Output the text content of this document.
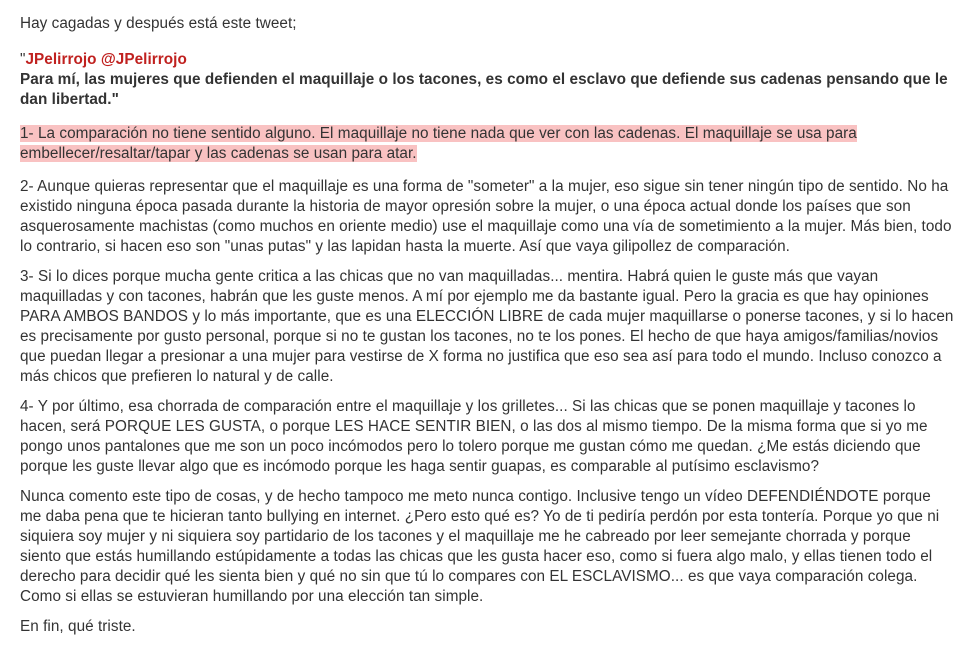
Hay cagadas y después está este tweet;

"JPelirrojo @JPelirrojo
Para mí, las mujeres que defienden el maquillaje o los tacones, es como el esclavo que defiende sus cadenas pensando que le dan libertad."

1- La comparación no tiene sentido alguno. El maquillaje no tiene nada que ver con las cadenas. El maquillaje se usa para embellecer/resaltar/tapar y las cadenas se usan para atar.

2- Aunque quieras representar que el maquillaje es una forma de "someter" a la mujer, eso sigue sin tener ningún tipo de sentido. No ha existido ninguna época pasada durante la historia de mayor opresión sobre la mujer, o una época actual donde los países que son asquerosamente machistas (como muchos en oriente medio) use el maquillaje como una vía de sometimiento a la mujer. Más bien, todo lo contrario, si hacen eso son "unas putas" y las lapidan hasta la muerte. Así que vaya gilipollez de comparación.

3- Si lo dices porque mucha gente critica a las chicas que no van maquilladas... mentira. Habrá quien le guste más que vayan maquilladas y con tacones, habrán que les guste menos. A mí por ejemplo me da bastante igual. Pero la gracia es que hay opiniones PARA AMBOS BANDOS y lo más importante, que es una ELECCIÓN LIBRE de cada mujer maquillarse o ponerse tacones, y si lo hacen es precisamente por gusto personal, porque si no te gustan los tacones, no te los pones. El hecho de que haya amigos/familias/novios que puedan llegar a presionar a una mujer para vestirse de X forma no justifica que eso sea así para todo el mundo. Incluso conozco a más chicos que prefieren lo natural y de calle.

4- Y por último, esa chorrada de comparación entre el maquillaje y los grilletes... Si las chicas que se ponen maquillaje y tacones lo hacen, será PORQUE LES GUSTA, o porque LES HACE SENTIR BIEN, o las dos al mismo tiempo. De la misma forma que si yo me pongo unos pantalones que me son un poco incómodos pero lo tolero porque me gustan cómo me quedan. ¿Me estás diciendo que porque les guste llevar algo que es incómodo porque les haga sentir guapas, es comparable al putísimo esclavismo?

Nunca comento este tipo de cosas, y de hecho tampoco me meto nunca contigo. Inclusive tengo un vídeo DEFENDIÉNDOTE porque me daba pena que te hicieran tanto bullying en internet. ¿Pero esto qué es? Yo de ti pediría perdón por esta tontería. Porque yo que ni siquiera soy mujer y ni siquiera soy partidario de los tacones y el maquillaje me he cabreado por leer semejante chorrada y porque siento que estás humillando estúpidamente a todas las chicas que les gusta hacer eso, como si fuera algo malo, y ellas tienen todo el derecho para decidir qué les sienta bien y qué no sin que tú lo compares con EL ESCLAVISMO... es que vaya comparación colega. Como si ellas se estuvieran humillando por una elección tan simple.

En fin, qué triste.
